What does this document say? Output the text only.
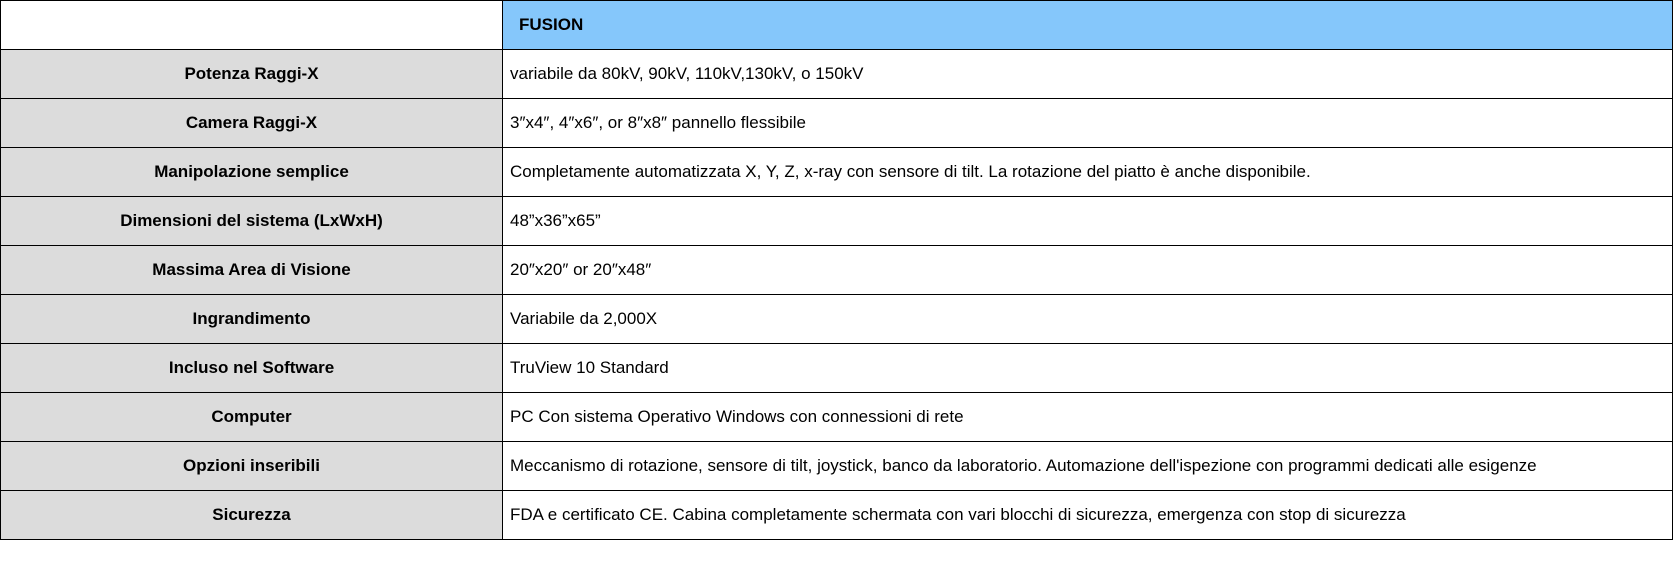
	FUSION
Potenza Raggi-X	variabile da 80kV, 90kV, 110kV,130kV, o 150kV
Camera Raggi-X	3″x4″, 4″x6″, or 8″x8″ pannello flessibile
Manipolazione semplice	Completamente automatizzata X, Y, Z, x-ray con sensore di tilt. La rotazione del piatto è anche disponibile.
Dimensioni del sistema (LxWxH)	48”x36”x65”
Massima Area di Visione	20″x20″ or 20″x48″
Ingrandimento	Variabile da 2,000X
Incluso nel Software	TruView 10 Standard
Computer	PC Con sistema Operativo Windows con connessioni di rete
Opzioni inseribili	Meccanismo di rotazione, sensore di tilt, joystick, banco da laboratorio. Automazione dell'ispezione con programmi dedicati alle esigenze
Sicurezza	FDA e certificato CE. Cabina completamente schermata con vari blocchi di sicurezza, emergenza con stop di sicurezza
